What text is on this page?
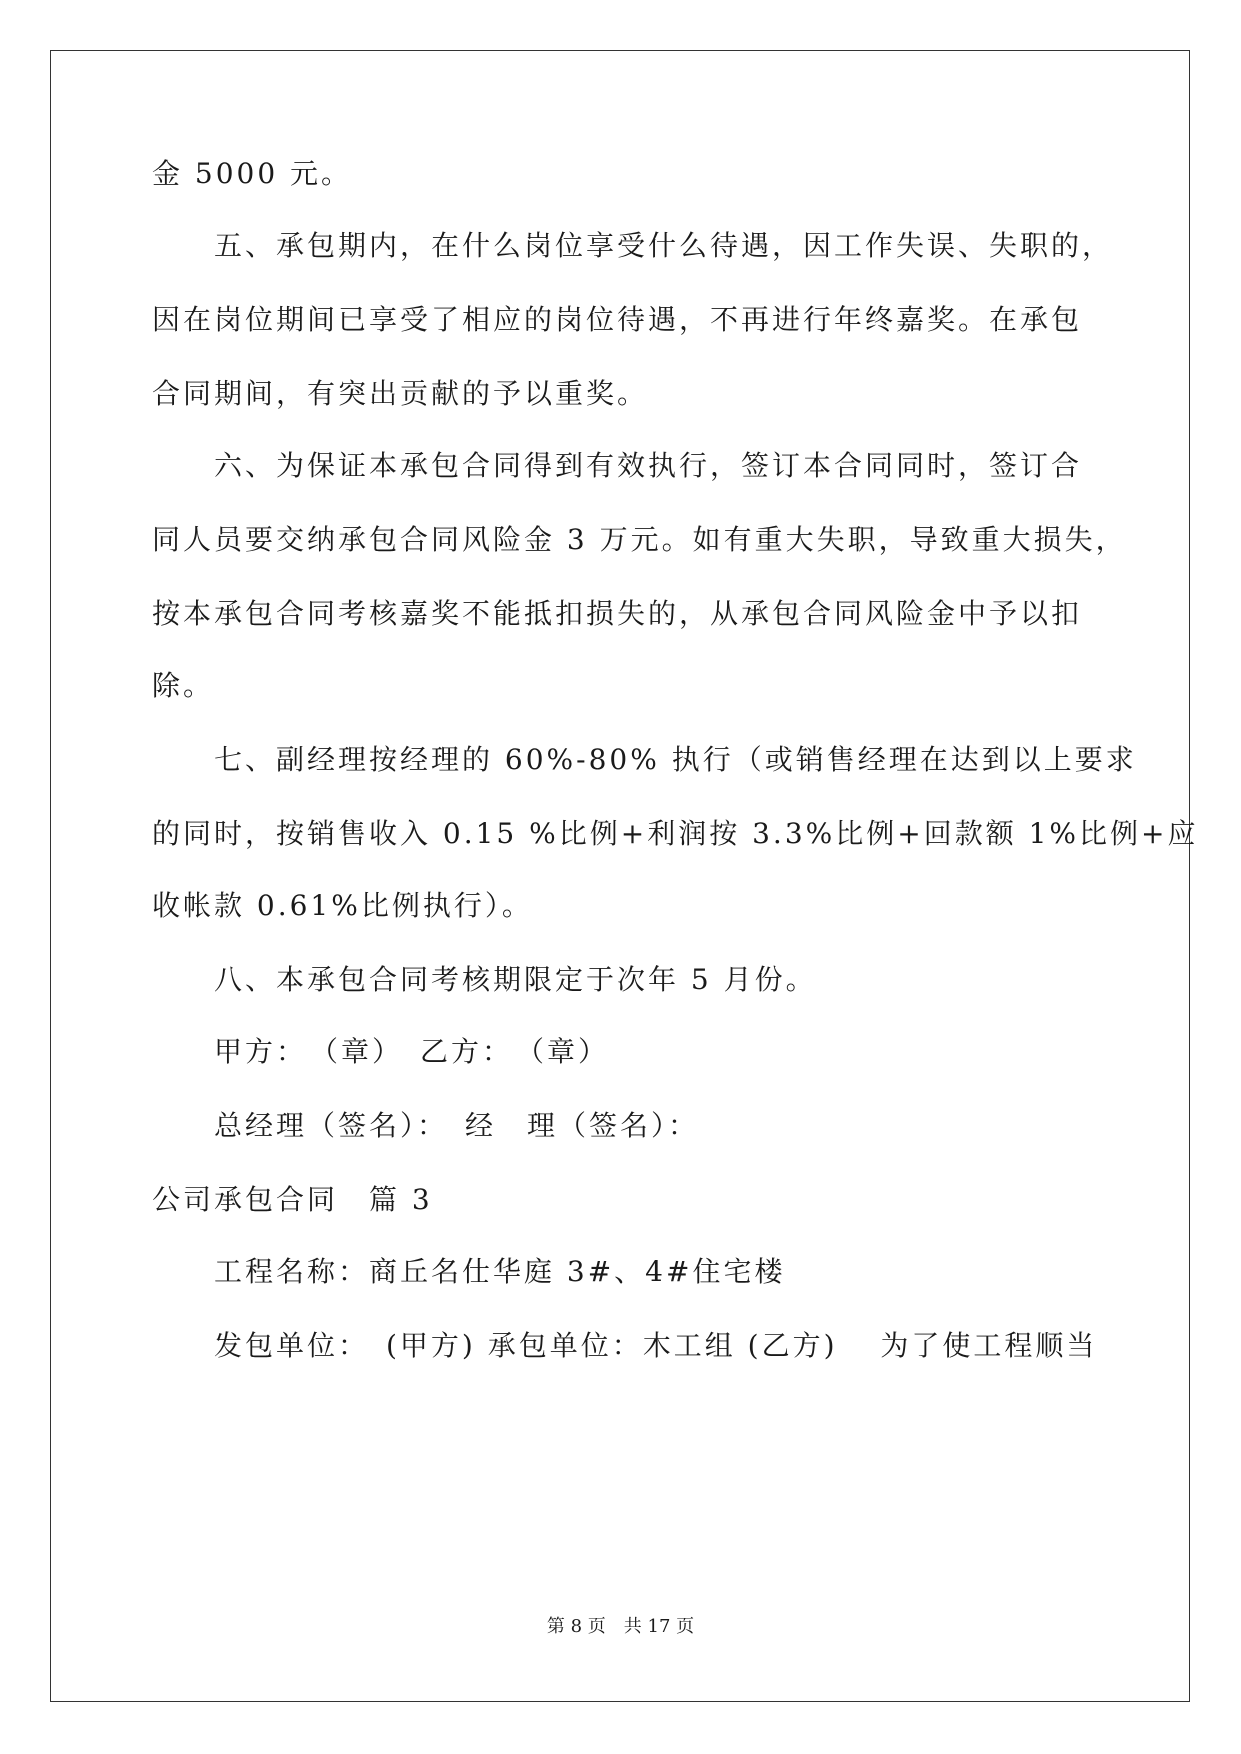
金 5000 元。
五、承包期内，在什么岗位享受什么待遇，因工作失误、失职的，
因在岗位期间已享受了相应的岗位待遇，不再进行年终嘉奖。在承包
合同期间，有突出贡献的予以重奖。
六、为保证本承包合同得到有效执行，签订本合同同时，签订合
同人员要交纳承包合同风险金 3 万元。如有重大失职，导致重大损失，
按本承包合同考核嘉奖不能抵扣损失的，从承包合同风险金中予以扣
除。
七、副经理按经理的 60%-80% 执行（或销售经理在达到以上要求
的同时，按销售收入 0.15 %比例+利润按 3.3%比例+回款额 1%比例+应
收帐款 0.61%比例执行）。
八、本承包合同考核期限定于次年 5 月份。
甲方：　（章）　乙方：　（章）
总经理（签名）：　经　理（签名）：
公司承包合同　篇 3
工程名称：商丘名仕华庭 3#、4#住宅楼
发包单位：　(甲方) 承包单位：木工组 (乙方)　 为了使工程顺当
第 8 页　共 17 页
